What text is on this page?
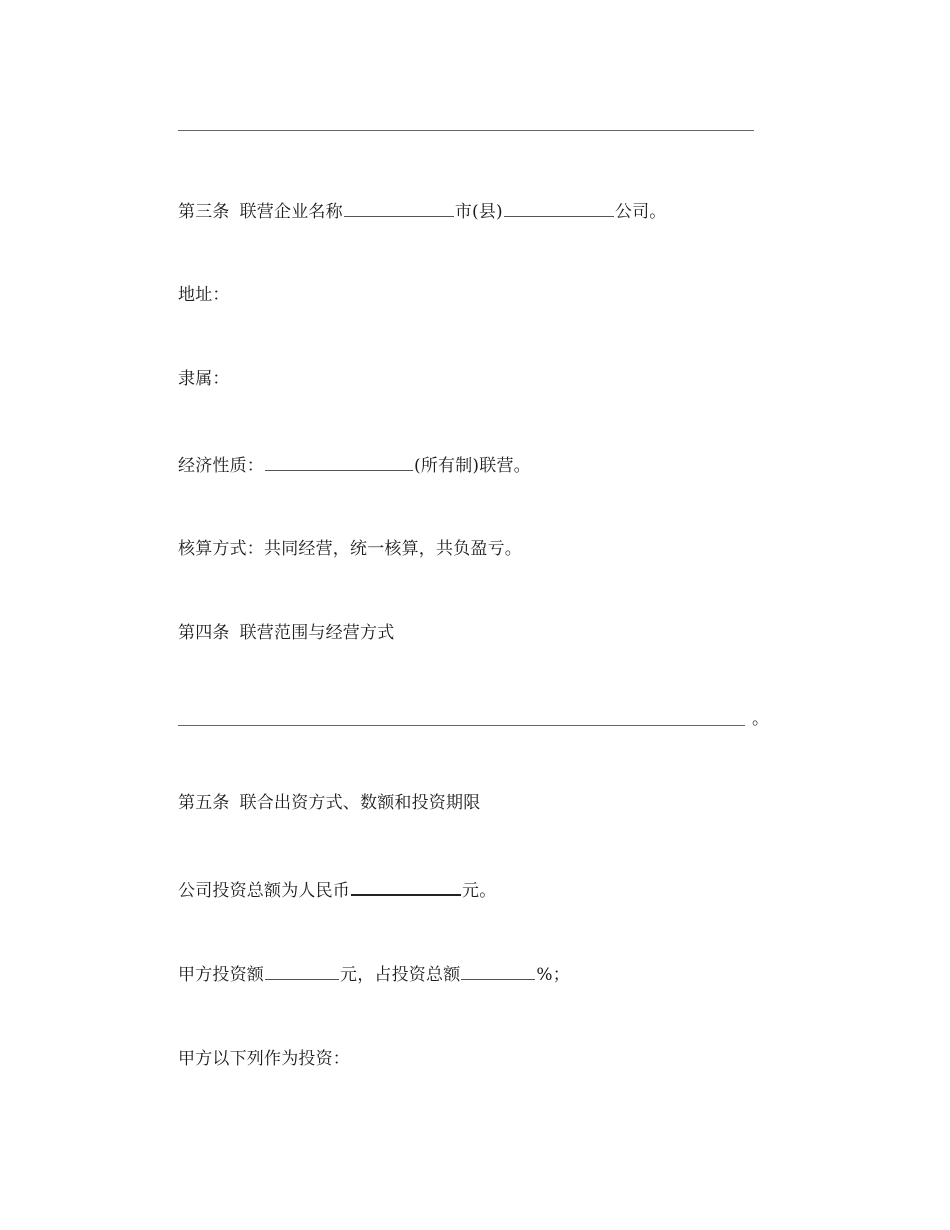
第三条 联营企业名称	市(县)	公司。
地址：
隶属：
经济性质：	(所有制)联营。
核算方式：共同经营，统一核算，共负盈亏。
第四条 联营范围与经营方式
。
第五条 联合出资方式、数额和投资期限
公司投资总额为人民币	元。
甲方投资额	元，占投资总额	%；
甲方以下列作为投资：
